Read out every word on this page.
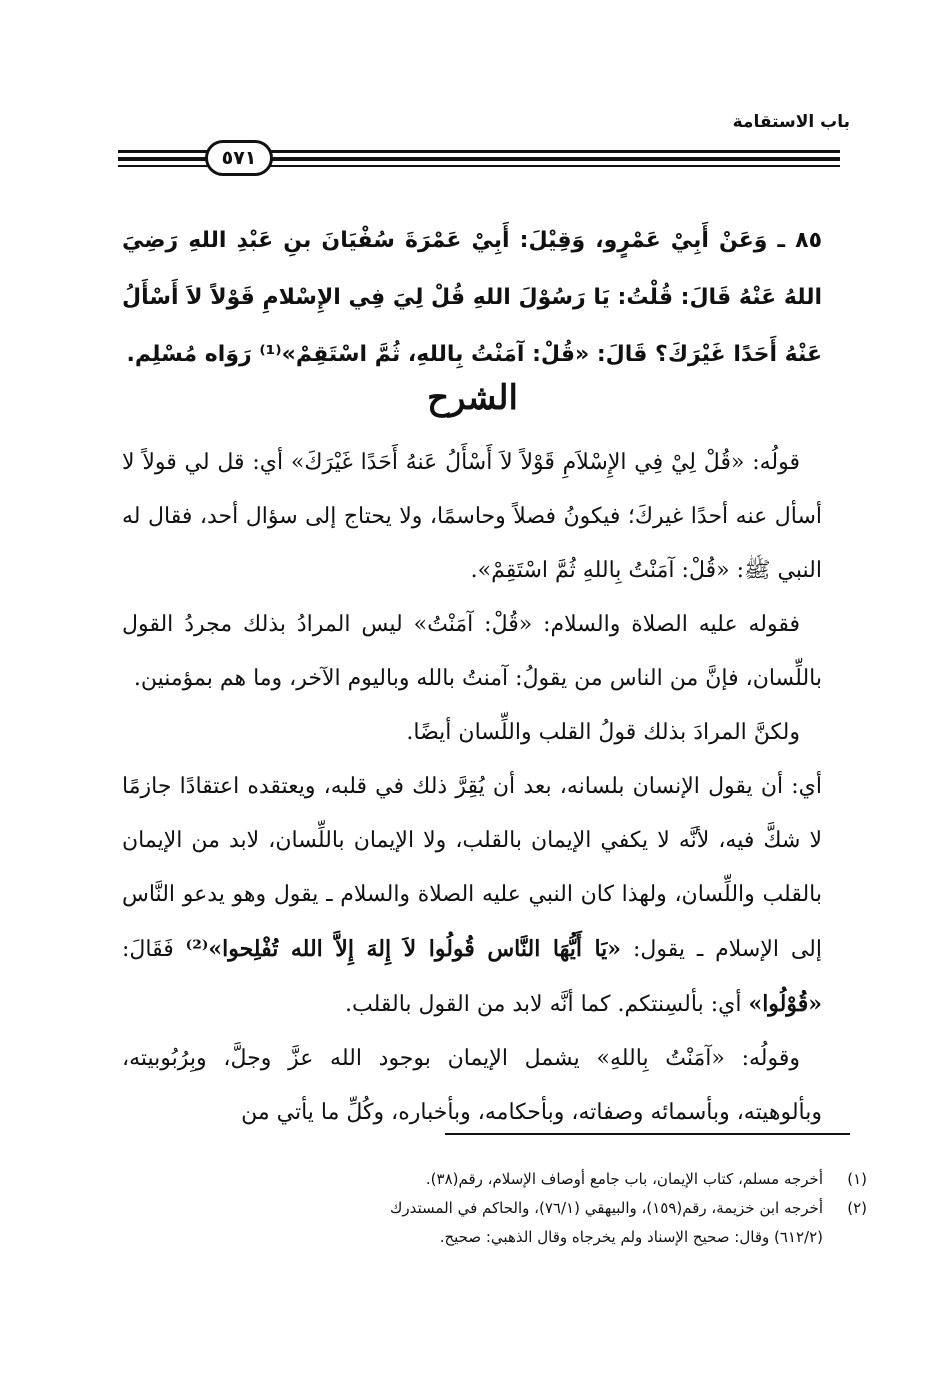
باب الاستقامة
٥٧١
٨٥ ـ وَعَنْ أَبِيْ عَمْرٍو، وَقِيْلَ: أَبِيْ عَمْرَةَ سُفْيَانَ بنِ عَبْدِ اللهِ رَضِيَ اللهُ عَنْهُ قَالَ: قُلْتُ: يَا رَسُوْلَ اللهِ قُلْ لِيَ فِي الإِسْلامِ قَوْلاً لاَ أَسْأَلُ عَنْهُ أَحَدًا غَيْرَكَ؟ قَالَ: «قُلْ: آمَنْتُ بِاللهِ، ثُمَّ اسْتَقِمْ»⁽¹⁾ رَوَاه مُسْلِم.
الشرح

قولُه: «قُلْ لِيْ فِي الإِسْلاَمِ قَوْلاً لاَ أَسْأَلُ عَنهُ أَحَدًا غَيْرَكَ» أي: قل لي قولاً لا أسأل عنه أحدًا غيركَ؛ فيكونُ فصلاً وحاسمًا، ولا يحتاج إلى سؤال أحد، فقال له النبي ﷺ: «قُلْ: آمَنْتُ بِاللهِ ثُمَّ اسْتَقِمْ».

فقوله عليه الصلاة والسلام: «قُلْ: آمَنْتُ» ليس المرادُ بذلك مجردُ القول باللِّسان، فإنَّ من الناس من يقولُ: آمنتُ بالله وباليوم الآخر، وما هم بمؤمنين.

ولكنَّ المرادَ بذلك قولُ القلب واللِّسان أيضًا.

أي: أن يقول الإنسان بلسانه، بعد أن يُقِرَّ ذلك في قلبه، ويعتقده اعتقادًا جازمًا لا شكَّ فيه، لأنَّه لا يكفي الإيمان بالقلب، ولا الإيمان باللِّسان، لابد من الإيمان بالقلب واللِّسان، ولهذا كان النبي عليه الصلاة والسلام ـ يقول وهو يدعو النَّاس إلى الإسلام ـ يقول: «يَا أَيُّهَا النَّاس قُولُوا لاَ إِلهَ إِلاَّ الله تُفْلِحوا»⁽²⁾ فَقَالَ: «قُوْلُوا» أي: بألسِنتكم. كما أنَّه لابد من القول بالقلب.

وقولُه: «آمَنْتُ بِاللهِ» يشمل الإيمان بوجود الله عزَّ وجلَّ، وبِرُبُوبيته، وبألوهيته، وبأسمائه وصفاته، وبأحكامه، وبأخباره، وكُلِّ ما يأتي من

(١)
أخرجه مسلم، كتاب الإيمان، باب جامع أوصاف الإسلام، رقم(٣٨).
(٢)
أخرجه ابن خزيمة، رقم(١٥٩)، والبيهقي (٧٦/١)، والحاكم في المستدرك
(٦١٢/٢) وقال: صحيح الإسناد ولم يخرجاه وقال الذهبي: صحيح.
